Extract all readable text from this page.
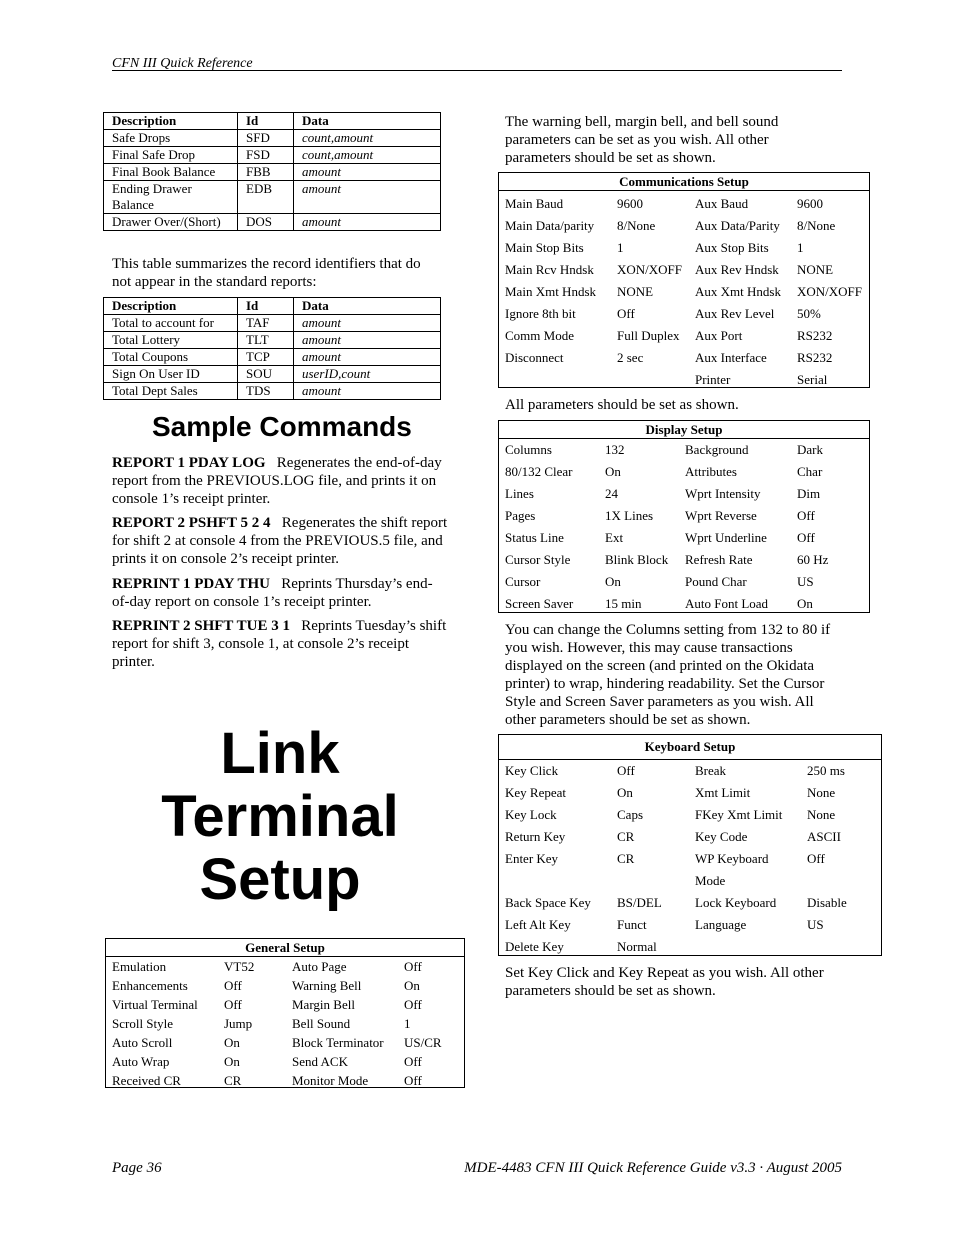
CFN III Quick Reference
Description	Id	Data
Safe Drops	SFD	count,amount
Final Safe Drop	FSD	count,amount
Final Book Balance	FBB	amount
Ending Drawer Balance	EDB	amount
Drawer Over/(Short)	DOS	amount
This table summarizes the record identifiers that do not appear in the standard reports:
Description	Id	Data
Total to account for	TAF	amount
Total Lottery	TLT	amount
Total Coupons	TCP	amount
Sign On User ID	SOU	userID,count
Total Dept Sales	TDS	amount
Sample Commands
REPORT 1 PDAY LOG Regenerates the end-of-day report from the PREVIOUS.LOG file, and prints it on console 1’s receipt printer.
REPORT 2 PSHFT 5 2 4 Regenerates the shift report for shift 2 at console 4 from the PREVIOUS.5 file, and prints it on console 2’s receipt printer.
REPRINT 1 PDAY THU Reprints Thursday’s end-of-day report on console 1’s receipt printer.
REPRINT 2 SHFT TUE 3 1 Reprints Tuesday’s shift report for shift 3, console 1, at console 2’s receipt printer.
Link
Terminal
Setup
General Setup
Emulation	VT52	Auto Page	Off
Enhancements	Off	Warning Bell	On
Virtual Terminal	Off	Margin Bell	Off
Scroll Style	Jump	Bell Sound	1
Auto Scroll	On	Block Terminator	US/CR
Auto Wrap	On	Send ACK	Off
Received CR	CR	Monitor Mode	Off
The warning bell, margin bell, and bell sound parameters can be set as you wish. All other parameters should be set as shown.
Communications Setup
Main Baud	9600	Aux Baud	9600
Main Data/parity	8/None	Aux Data/Parity	8/None
Main Stop Bits	1	Aux Stop Bits	1
Main Rcv Hndsk	XON/XOFF	Aux Rev Hndsk	NONE
Main Xmt Hndsk	NONE	Aux Xmt Hndsk	XON/XOFF
Ignore 8th bit	Off	Aux Rev Level	50%
Comm Mode	Full Duplex	Aux Port	RS232
Disconnect	2 sec	Aux Interface	RS232
		Printer	Serial
All parameters should be set as shown.
Display Setup
Columns	132	Background	Dark
80/132 Clear	On	Attributes	Char
Lines	24	Wprt Intensity	Dim
Pages	1X Lines	Wprt Reverse	Off
Status Line	Ext	Wprt Underline	Off
Cursor Style	Blink Block	Refresh Rate	60 Hz
Cursor	On	Pound Char	US
Screen Saver	15 min	Auto Font Load	On
You can change the Columns setting from 132 to 80 if you wish. However, this may cause transactions displayed on the screen (and printed on the Okidata printer) to wrap, hindering readability. Set the Cursor Style and Screen Saver parameters as you wish. All other parameters should be set as shown.
Keyboard Setup
Key Click	Off	Break	250 ms
Key Repeat	On	Xmt Limit	None
Key Lock	Caps	FKey Xmt Limit	None
Return Key	CR	Key Code	ASCII
Enter Key	CR	WP Keyboard	Off
		Mode	
Back Space Key	BS/DEL	Lock Keyboard	Disable
Left Alt Key	Funct	Language	US
Delete Key	Normal		
Set Key Click and Key Repeat as you wish. All other parameters should be set as shown.
Page 36	MDE-4483 CFN III Quick Reference Guide v3.3 · August 2005
